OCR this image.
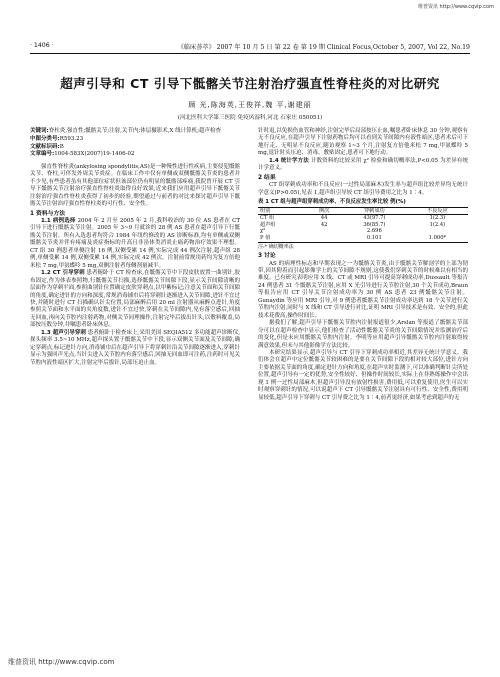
维普资讯 http://www.cqvip.com
· 1406 ·	《临床荟萃》 2007 年 10 月 5 日 第 22 卷 第 19 期 Clinical Focus,October 5, 2007, Vol 22, No.19
超声引导和 CT 引导下骶髂关节注射治疗强直性脊柱炎的对比研究
顾 光,陈海英,王俊祥,魏 平,谢建丽
(河北医科大学第三医院 免疫风湿科,河北 石家庄 050051)

关键词:脊柱炎,强直性;骶髂关节;注射,关节内;体层摄影术,X 线计算机;超声检查

中图分类号:R593.23

文献标识码:B

文章编号:1004-583X(2007)19-1406-02

强直性脊柱炎(ankylosing spondylitis,AS)是一种慢性进行性疾病,主要侵犯骶髂关节、脊柱,可伴发外周关节炎症。在临床工作中仅有单侧或双侧骶髂关节炎的患者并不少见,有些患者虽有其他部位症状但该部位仍有明显的骶髂部疼痛,我院曾开展 CT 引导下骶髂关节注射治疗强直性脊柱炎取得良好效果,近来我们应用超声引导下骶髂关节注射治疗强直性脊柱炎获得了初步的经验,期望通过与前者的对比来探讨超声引导下骶髂关节注射治疗强直性脊柱炎的可行性、安全性。

1 资料与方法

1.1 病例选择 2004 年 2 月至 2005 年 2 月,我科收治的 30 位 AS 患者在 CT 引导下进行骶髂关节注射。2005 年 3~9 月就诊的 28 例 AS 患者在超声引导下行骶髂关节注射。所有入选患者均符合 1984 年纽约修改的 AS 诊断标准,均有单侧或双侧骶髂关节炎并伴有疼痛及炎症指标的升高且非甾体类消炎止痛药物治疗效果不理想。CT 组 30 例患者单侧注射 16 例,双侧受累 14 例,实际完成 44 例次注射,超声组 28 例,单侧受累 14 例,双侧受累 14 例,实际完成 42 例次。注射前常规用药均为复方倍他米松 7 mg,甲氨蝶呤 5 mg,双侧注射者每侧剂量减半。

1.2 CT 引导穿刺 患者俯卧于 CT 检查床,在骶髂关节中下段皮肤放置一曲别针,胶布固定,作为体表参照物,行骶髂关节扫描,选择骶髂关节间隙下段,显示关节间隙清晰的层面作为穿刺平面,参照曲别针位置确定皮肤穿刺点,以甲紫标记;注意关节面和关节间隙的角度,确定进针的方向和深度,常规消毒铺巾后将穿刺针逐渐进入关节间隙,进针不宜过快,并随时进行 CT 扫描确认针尖位置,局部麻醉后用 20 ml 注射器从麻醉点进针,角度参照关节面和水平面的夹角度数,进针不宜过快,穿刺在关节间隙内,见有落空感后,回抽无回血,再向关节腔内注射药物,对侧关节同理操作,注射完毕后拔出针头,以敷料覆盖,局部按压数分钟,并嘱患者卧床休息。

1.3 超声引导穿刺 患者俯卧于检查床上,采用美国 SEQIA512 多功能超声诊断仪,探头频率 3.5~10 MHz,超声探头置于骶髂关节中下段,显示双侧关节面及关节间隙,确定穿刺点,标记进针方向,消毒铺巾后在超声引导下将穿刺针沿关节间隙逐渐进入,穿刺针显示为强回声光点,当针尖进入关节腔内有落空感后,回抽无回血即可注药,注药时可见关节腔内液性暗区扩大,注射完毕后拔针,局部压迫止血。

针时退,以免损伤血管和神经,注射完毕后局部按压止血,嘱患者卧床休息 30 分钟,观察有无不良反应,在超声引导下注射药物后均可以看到关节间隙内有液性暗区,患者术后可下地行走、无明显不良反应,随访观察 1~3 个月,注射复方倍他米松 7 mg,甲氨蝶呤 5 mg,退针时头压迫、消毒、敷贴固定,患者可下地行动。

1.4 统计学方法 计数资料的比较采用 χ² 检验和确切概率法,P<0.05 为差异有统计学意义。

2 结果

CT 组穿刺成功率和不良反应(一过性局部麻木)发生率与超声组比较差异均无统计学意义(P>0.05),见表 1,超声组引导较 CT 组引导费用之比为 1∶4。

表 1 CT 组与超声组穿刺成功率、不良反应发生率比较 例(%)
组别	例次	穿刺成功	不良反应
CT 组	44	43(97.7)	1(2.3)
超声组	42	36(85.7)	1(2.4)
χ²		2.696	
P 值		0.101	1.000*

注:* 确切概率法

3 讨论

AS 的病理性标志和早期表现之一为骶髂关节炎,由于骶髂关节解剖学的上部为韧带,因其附着而引起影像学上的关节间隙不规则,这使我们穿刺关节的时候难以有相当的难度。已有研究表明应用 X 线、CT 或 MRI 引导可提高穿刺成功率,Dussault 等报告 24 例患者 31 个骶髂关节注射,应用 X 光引导进行关节腔注射,30 个关节成功,Braun 等报告应用 CT 引导关节注射成功率为 30 例 AS 患者 23 例骶髂关节注射。Gunaydin 等应用 MRI 引导,对 9 例患者骶髂关节注射成功率达到 18 个关节进行关节腔内注射,同时与 X 线和 CT 引导进行对比,证明 MRI 引导技术是有效、安全的,但此技术花费高,操作时间长。

据我们了解,超声引导下骶髂关节腔内注射报道很少,Arslan 等报道了骶髂关节部分可以在超声检查中显示,他们检查了活动性骶髂关节炎的关节间隙情况并监测治疗后的变化,但是未应用骶髂关节腔内注射。李明等应用超声引导骶髂关节腔内注射取得较满意效果,但未与其他影像学方法比较。

本研究结果显示,超声引导与 CT 引导下穿刺成功率相近,其差异无统计学意义。我们体会在超声中定位骶髂关节较困难的是要在关节间隙下段的相对较大部位,进针方向主要依据关节面的角度,确定进针方向和角度,在超声实时监测下,可以准确判断针尖所处位置,超声引导有一定的优势,安全性较好、但操作时间较长,实际上在非熟练操作中会出现 1 例一过性局部麻木,但超声引导没有放射性损害,费用低,可以重复使用,医生可以实时观察穿刺针的情况,可以说超声下 CT 引导骶髂关节注射具有可行性、安全性,费用明显较低,超声引导下穿刺与 CT 引导费之比为 1∶4,前者更经济,如果考虑到超声的无

维普资讯 http://www.cqvip.com
